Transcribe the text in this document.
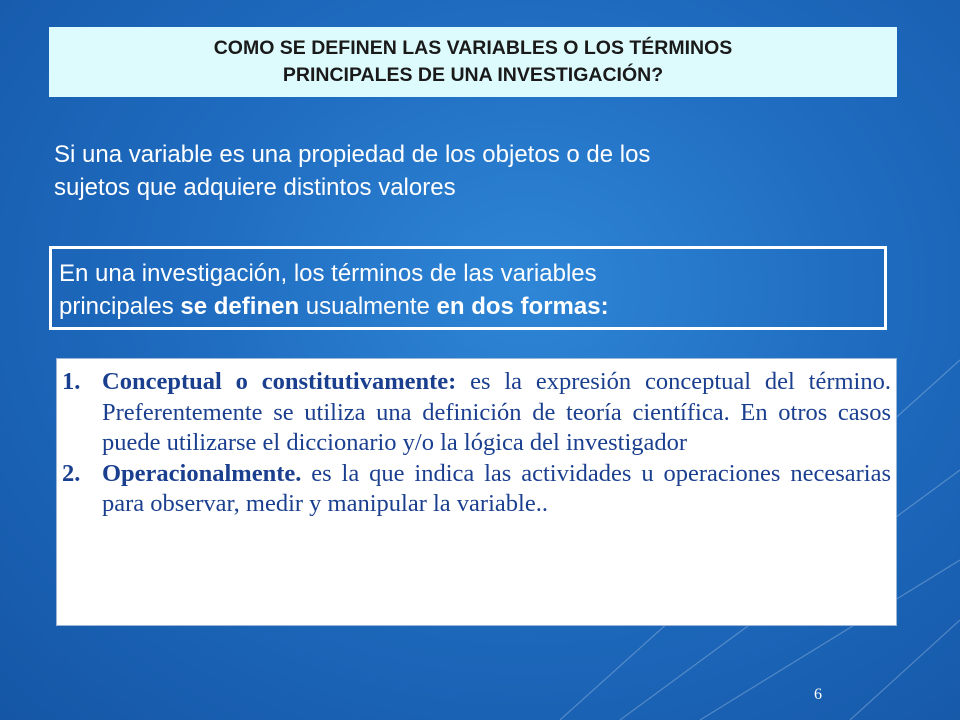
COMO SE DEFINEN LAS VARIABLES O LOS TÉRMINOS
PRINCIPALES DE UNA INVESTIGACIÓN?
Si una variable es una propiedad de los objetos o de los
sujetos que adquiere distintos valores
En una investigación, los términos de las variables
principales se definen usualmente en dos formas:
1. Conceptual o constitutivamente: es la expresión conceptual del término. Preferentemente se utiliza una definición de teoría científica. En otros casos puede utilizarse el diccionario y/o la lógica del investigador
2. Operacionalmente. es la que indica las actividades u operaciones necesarias para observar, medir y manipular la variable..
6
